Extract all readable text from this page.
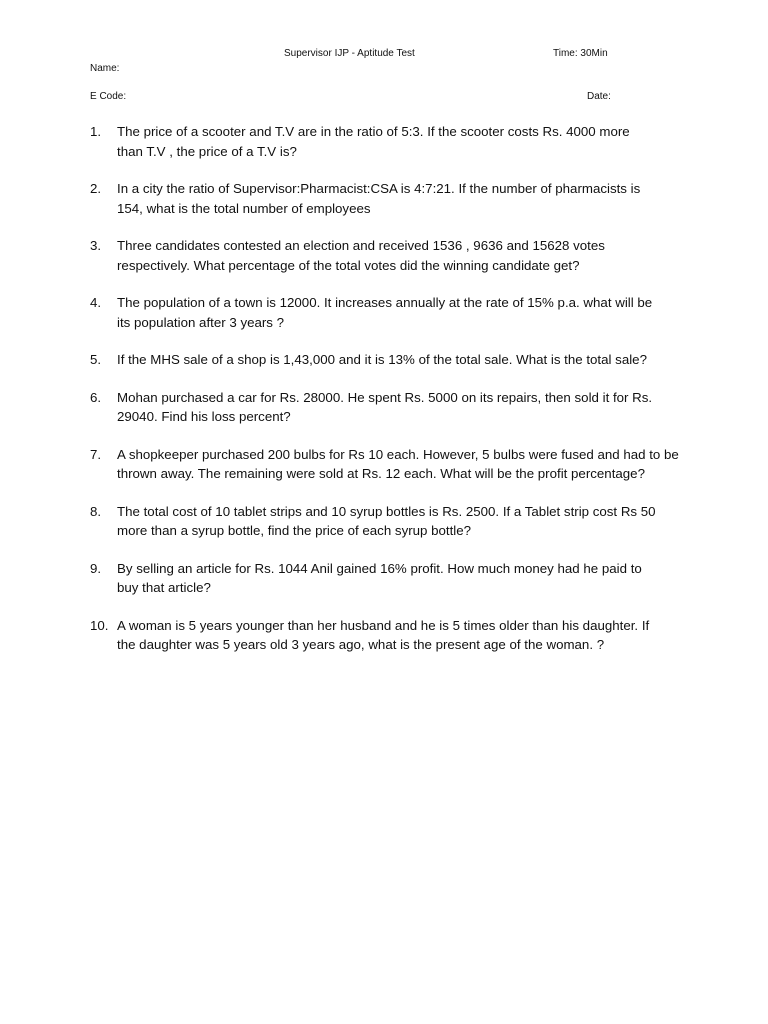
Supervisor IJP - Aptitude Test	Time: 30Min
Name:
E Code:	Date:
1. The price of a scooter and T.V are in the ratio of 5:3. If the scooter costs Rs. 4000 more
than T.V , the price of a T.V is?
2. In a city the ratio of Supervisor:Pharmacist:CSA is 4:7:21. If the number of pharmacists is
154, what is the total number of employees
3. Three candidates contested an election and received 1536 , 9636 and 15628 votes
respectively. What percentage of the total votes did the winning candidate get?
4. The population of a town is 12000. It increases annually at the rate of 15% p.a. what will be
its population after 3 years ?
5. If the MHS sale of a shop is 1,43,000 and it is 13% of the total sale. What is the total sale?
6. Mohan purchased a car for Rs. 28000. He spent Rs. 5000 on its repairs, then sold it for Rs.
29040. Find his loss percent?
7. A shopkeeper purchased 200 bulbs for Rs 10 each. However, 5 bulbs were fused and had to be
thrown away. The remaining were sold at Rs. 12 each. What will be the profit percentage?
8. The total cost of 10 tablet strips and 10 syrup bottles is Rs. 2500. If a Tablet strip cost Rs 50
more than a syrup bottle, find the price of each syrup bottle?
9. By selling an article for Rs. 1044 Anil gained 16% profit. How much money had he paid to
buy that article?
10. A woman is 5 years younger than her husband and he is 5 times older than his daughter. If
the daughter was 5 years old 3 years ago, what is the present age of the woman. ?
